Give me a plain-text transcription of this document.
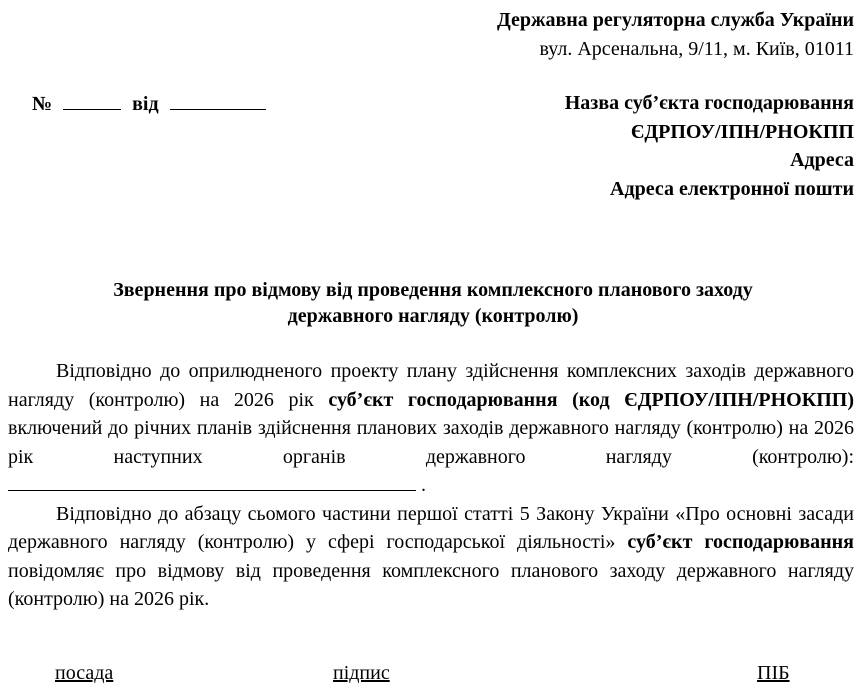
Державна регуляторна служба України
вул. Арсенальна, 9/11, м. Київ, 01011
№	від	Назва суб’єкта господарювання
ЄДРПОУ/ІПН/РНОКПП
Адреса
Адреса електронної пошти
Звернення про відмову від проведення комплексного планового заходу
державного нагляду (контролю)

Відповідно до оприлюдненого проекту плану здійснення комплексних заходів державного нагляду (контролю) на 2026 рік суб’єкт господарювання (код ЄДРПОУ/ІПН/РНОКПП) включений до річних планів здійснення планових заходів державного нагляду (контролю) на 2026 рік наступних органів державного нагляду (контролю): .

Відповідно до абзацу сьомого частини першої статті 5 Закону України «Про основні засади державного нагляду (контролю) у сфері господарської діяльності» суб’єкт господарювання повідомляє про відмову від проведення комплексного планового заходу державного нагляду (контролю) на 2026 рік.

посада	підпис	ПІБ
